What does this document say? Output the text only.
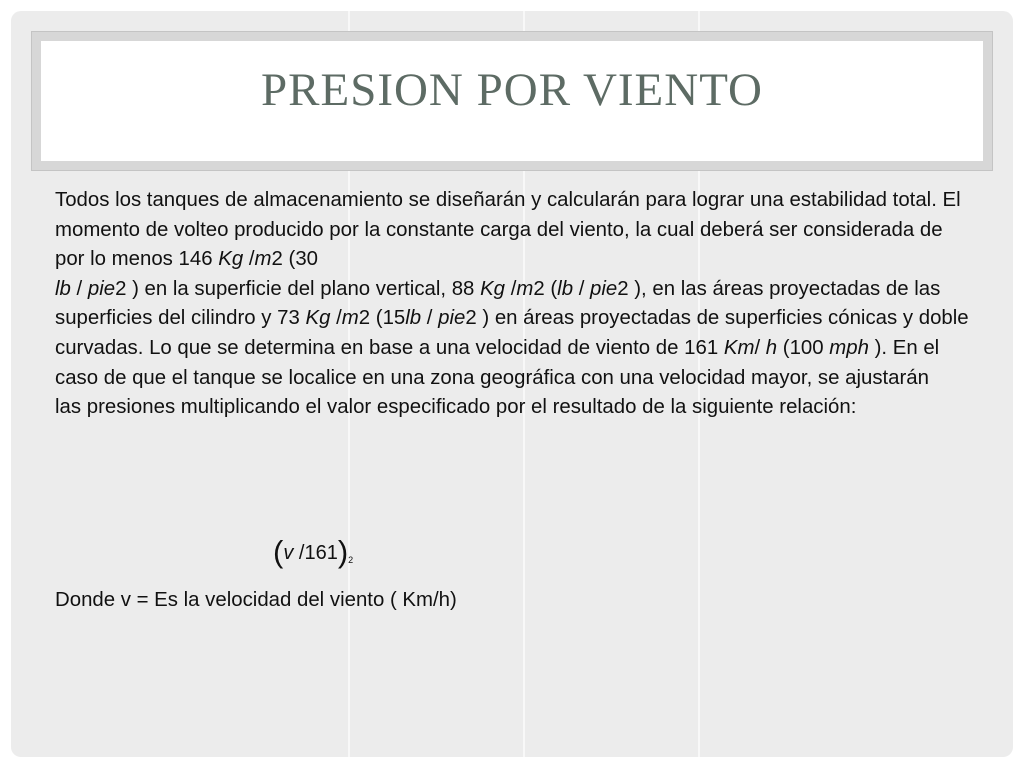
PRESION POR VIENTO

Todos los tanques de almacenamiento se diseñarán y calcularán para lograr una estabilidad total. El momento de volteo producido por la constante carga del viento, la cual deberá ser considerada de por lo menos 146 Kg /m2 (30
lb / pie2 ) en la superficie del plano vertical, 88 Kg /m2 (lb / pie2 ), en las áreas proyectadas de las superficies del cilindro y 73 Kg /m2 (15lb / pie2 ) en áreas proyectadas de superficies cónicas y doble curvadas. Lo que se determina en base a una velocidad de viento de 161 Km/ h (100 mph ). En el caso de que el tanque se localice en una zona geográfica con una velocidad mayor, se ajustarán
las presiones multiplicando el valor especificado por el resultado de la siguiente relación:

(v $/161)_2$
Donde v = Es la velocidad del viento ( Km/h)
